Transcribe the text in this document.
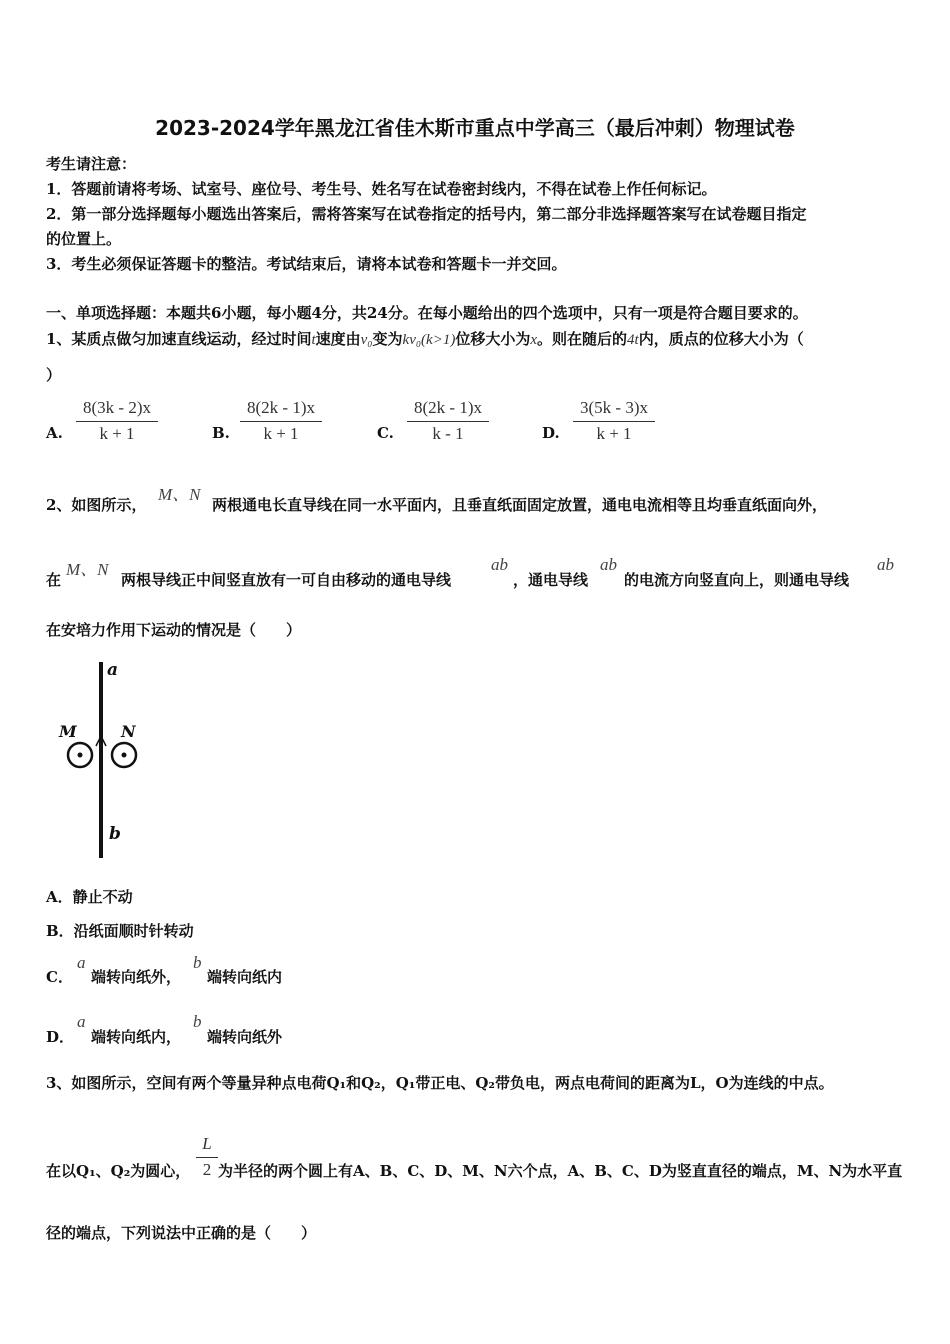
2023-2024学年黑龙江省佳木斯市重点中学高三（最后冲刺）物理试卷
考生请注意：
1．答题前请将考场、试室号、座位号、考生号、姓名写在试卷密封线内，不得在试卷上作任何标记。
2．第一部分选择题每小题选出答案后，需将答案写在试卷指定的括号内，第二部分非选择题答案写在试卷题目指定
的位置上。
3．考生必须保证答题卡的整洁。考试结束后，请将本试卷和答题卡一并交回。
一、单项选择题：本题共6小题，每小题4分，共24分。在每小题给出的四个选项中，只有一项是符合题目要求的。
1、某质点做匀加速直线运动，经过时间t速度由v₀变为kv₀(k>1)位移大小为x。则在随后的4t内，质点的位移大小为（
）
A.
8(3k - 2)x
k + 1	B.
8(2k - 1)x
k + 1	C.
8(2k - 1)x
k - 1	D.
3(5k - 3)x
k + 1
2、如图所示，
M、N
两根通电长直导线在同一水平面内，且垂直纸面固定放置，通电电流相等且均垂直纸面向外，
在
M、N
两根导线正中间竖直放有一可自由移动的通电导线
ab
，通电导线
ab
的电流方向竖直向上，则通电导线
ab
在安培力作用下运动的情况是（　　）
a
b
M	N
A．静止不动
B．沿纸面顺时针转动
C．
a
端转向纸外，
b
端转向纸内
D．
a
端转向纸内，
b
端转向纸外
3、如图所示，空间有两个等量异种点电荷Q₁和Q₂，Q₁带正电、Q₂带负电，两点电荷间的距离为L，O为连线的中点。
在以Q₁、Q₂为圆心，
L
2 为半径的两个圆上有A、B、C、D、M、N六个点，A、B、C、D为竖直直径的端点，M、N为水平直
径的端点，下列说法中正确的是（　　）
